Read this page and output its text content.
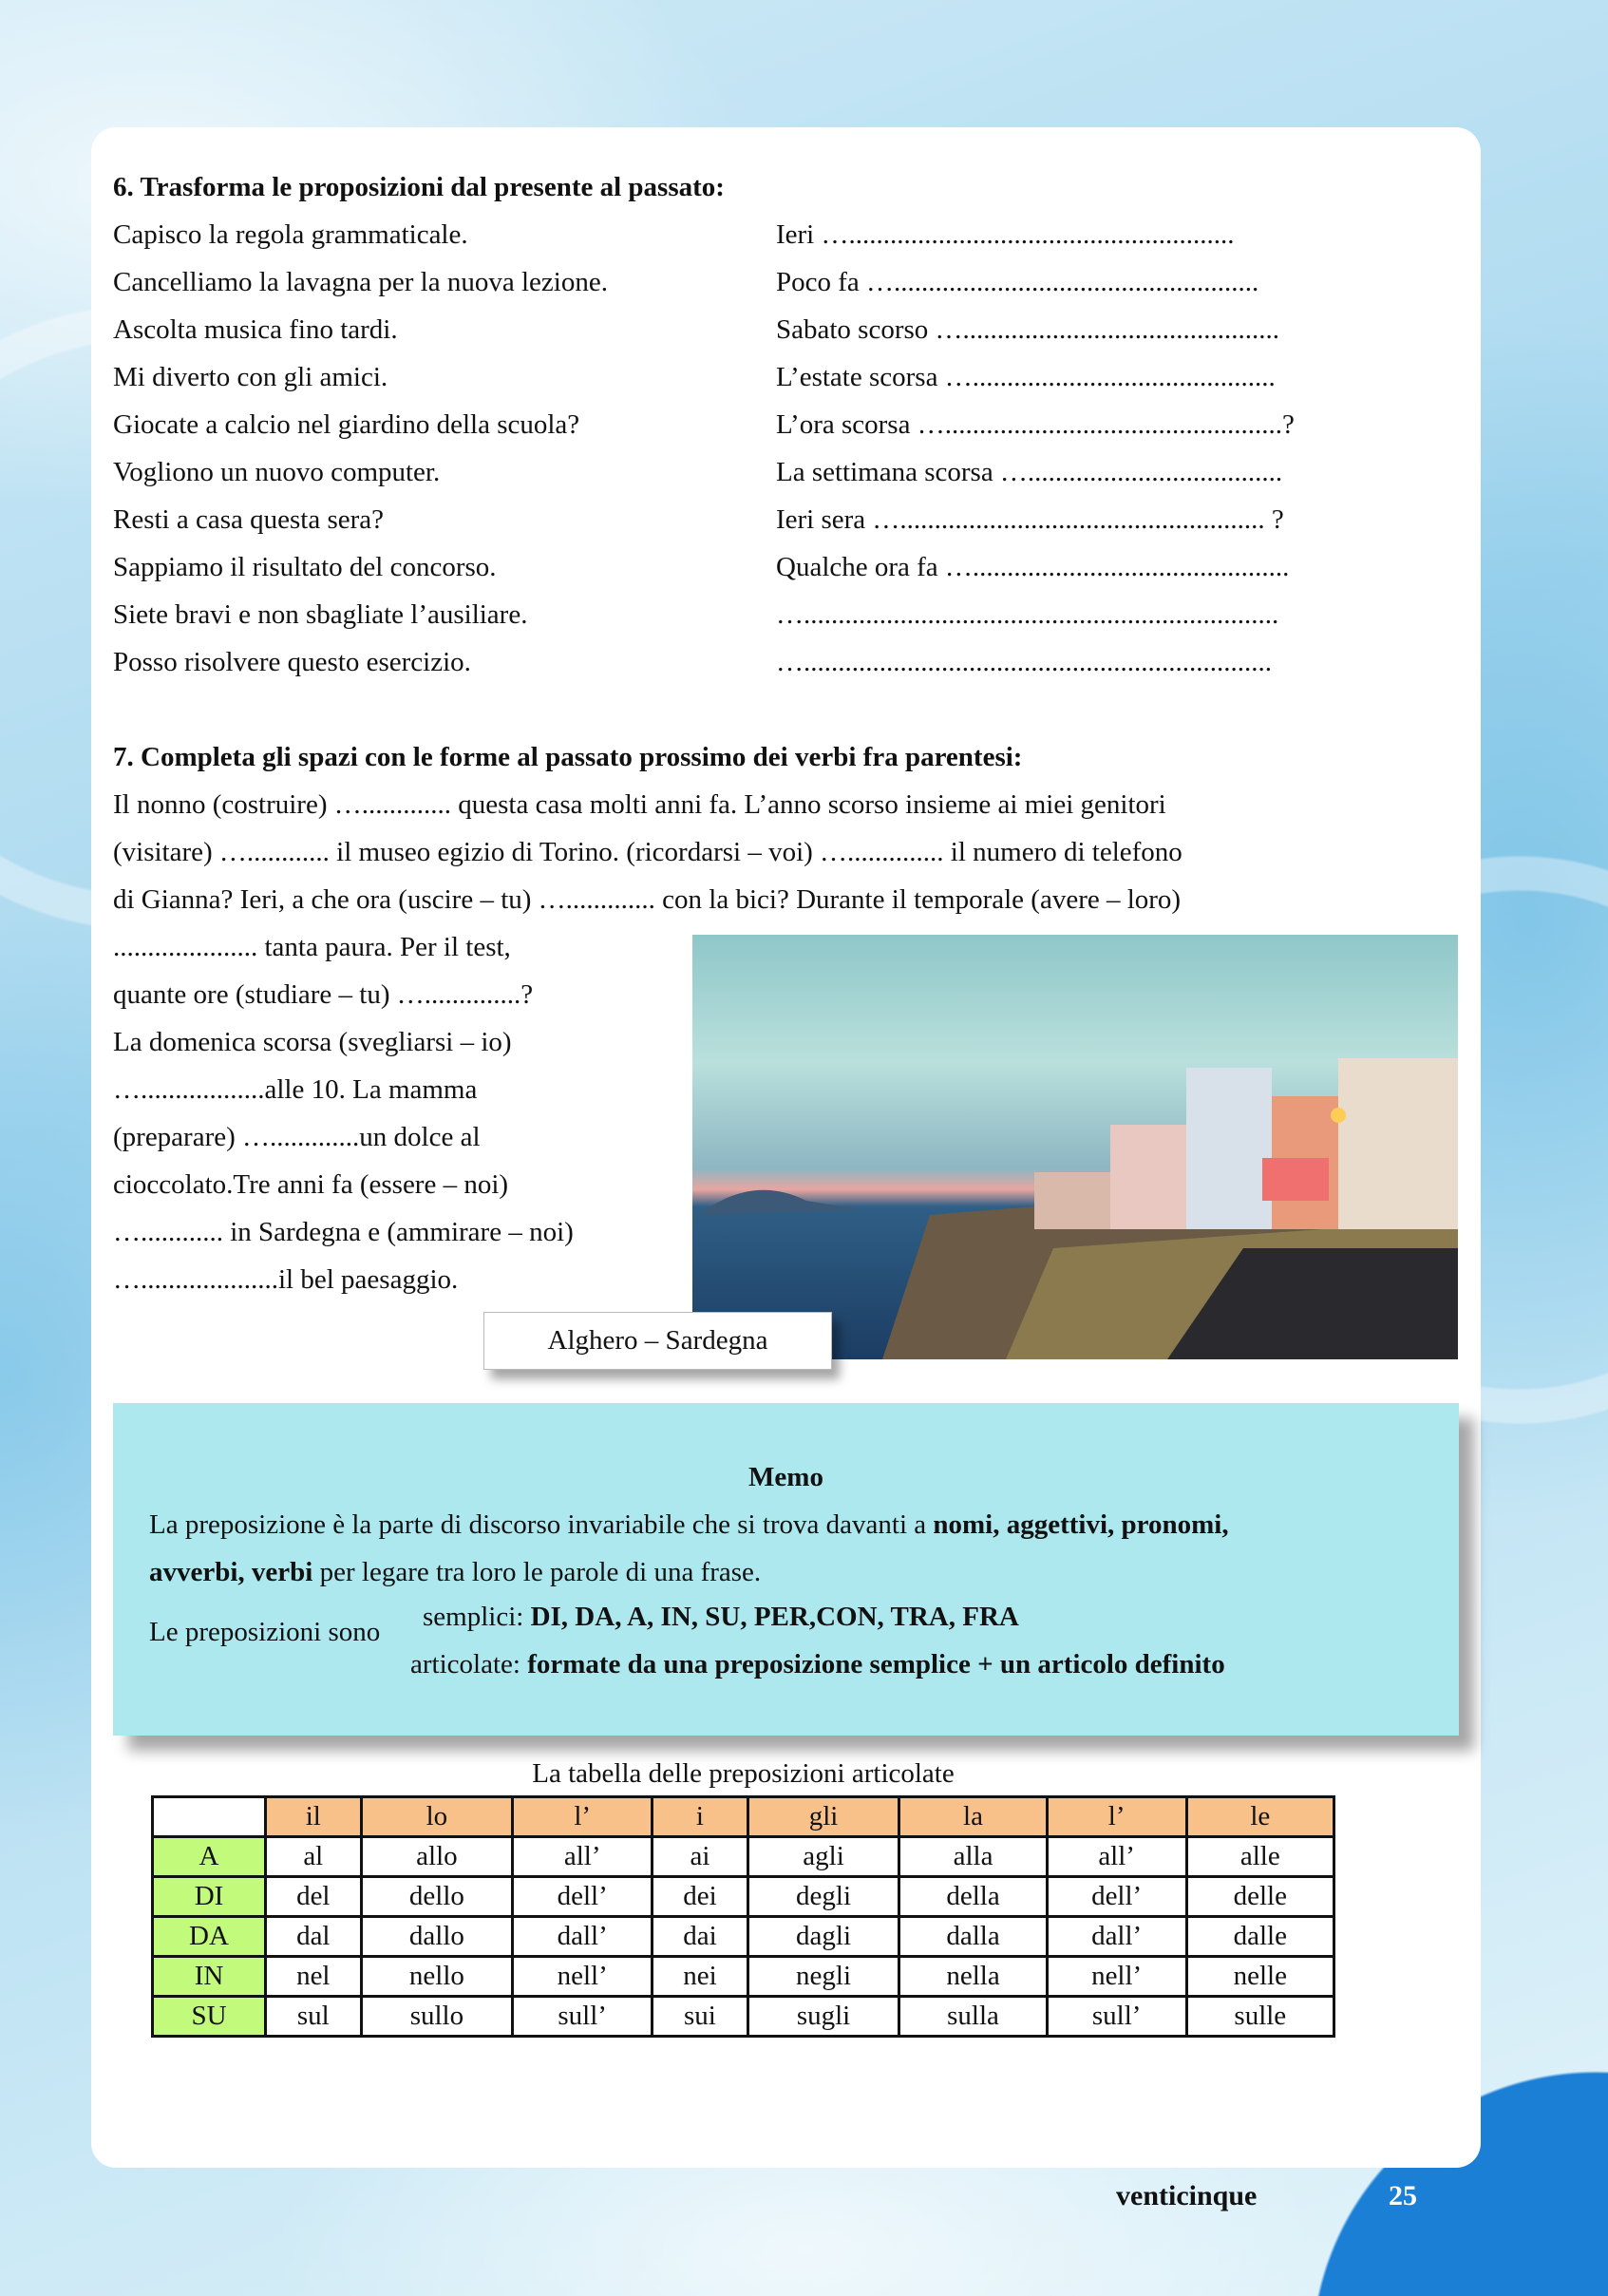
6. Trasforma le proposizioni dal presente al passato:
Capisco la regola grammaticale.	Ieri …........................................................
Cancelliamo la lavagna per la nuova lezione.	Poco fa ….....................................................
Ascolta musica fino tardi.	Sabato scorso …..............................................
Mi diverto con gli amici.	L’estate scorsa …............................................
Giocate a calcio nel giardino della scuola?	L’ora scorsa ….................................................?
Vogliono un nuovo computer.	La settimana scorsa ….....................................
Resti a casa questa sera?	Ieri sera …..................................................... ?
Sappiamo il risultato del concorso.	Qualche ora fa …..............................................
Siete bravi e non sbagliate l’ausiliare.	….....................................................................
Posso risolvere questo esercizio.	…....................................................................
7. Completa gli spazi con le forme al passato prossimo dei verbi fra parentesi:
Il nonno (costruire) …............. questa casa molti anni fa. L’anno scorso insieme ai miei genitori
(visitare) …............ il museo egizio di Torino. (ricordarsi – voi) ….............. il numero di telefono
di Gianna? Ieri, a che ora (uscire – tu) …............. con la bici? Durante il temporale (avere – loro)
..................... tanta paura. Per il test,
quante ore (studiare – tu) …..............?
La domenica scorsa (svegliarsi – io)
…..................alle 10. La mamma
(preparare) ….............un dolce al
cioccolato.Tre anni fa (essere – noi)
…............ in Sardegna e (ammirare – noi)
…....................il bel paesaggio.
Alghero – Sardegna
Memo
La preposizione è la parte di discorso invariabile che si trova davanti a nomi, aggettivi, pronomi,
avverbi, verbi per legare tra loro le parole di una frase.
Le preposizioni sono semplici: DI, DA, A, IN, SU, PER,CON, TRA, FRA
articolate: formate da una preposizione semplice + un articolo definito
La tabella delle preposizioni articolate
	il	lo	l’	i	gli	la	l’	le
A	al	allo	all’	ai	agli	alla	all’	alle
DI	del	dello	dell’	dei	degli	della	dell’	delle
DA	dal	dallo	dall’	dai	dagli	dalla	dall’	dalle
IN	nel	nello	nell’	nei	negli	nella	nell’	nelle
SU	sul	sullo	sull’	sui	sugli	sulla	sull’	sulle
venticinque	25
